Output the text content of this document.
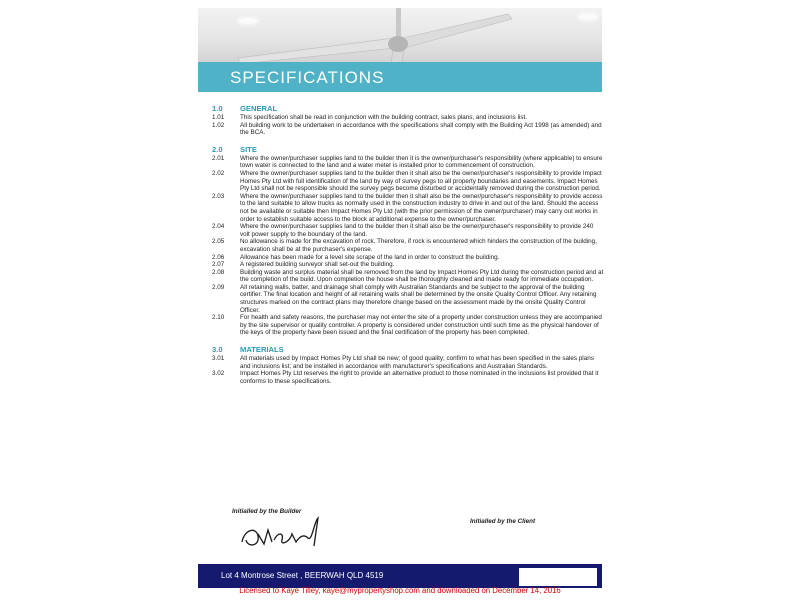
SPECIFICATIONS
1.0	GENERAL
1.01	This specification shall be read in conjunction with the building contract, sales plans, and inclusions list.
1.02	All building work to be undertaken in accordance with the specifications shall comply with the Building Act 1998 (as amended) and the BCA.
2.0	SITE
2.01	Where the owner/purchaser supplies land to the builder then it is the owner/purchaser's responsibility (where applicable) to ensure town water is connected to the land and a water meter is installed prior to commencement of construction.
2.02	Where the owner/purchaser supplies land to the builder then it shall also be the owner/purchaser's responsibility to provide Impact Homes Pty Ltd with full identification of the land by way of survey pegs to all property boundaries and easements. Impact Homes Pty Ltd shall not be responsible should the survey pegs become disturbed or accidentally removed during the construction period.
2.03	Where the owner/purchaser supplies land to the builder then it shall also be the owner/purchaser's responsibility to provide access to the land suitable to allow trucks as normally used in the construction industry to drive in and out of the land. Should the access not be available or suitable then Impact Homes Pty Ltd (with the prior permission of the owner/purchaser) may carry out works in order to establish suitable access to the block at additional expense to the owner/purchaser.
2.04	Where the owner/purchaser supplies land to the builder then it shall also be the owner/purchaser's responsibility to provide 240 volt power supply to the boundary of the land.
2.05	No allowance is made for the excavation of rock. Therefore, if rock is encountered which hinders the construction of the building, excavation shall be at the purchaser's expense.
2.06	Allowance has been made for a level site scrape of the land in order to construct the building.
2.07	A registered building surveyor shall set-out the building.
2.08	Building waste and surplus material shall be removed from the land by Impact Homes Pty Ltd during the construction period and at the completion of the build. Upon completion the house shall be thoroughly cleaned and made ready for immediate occupation.
2.09	All retaining walls, batter, and drainage shall comply with Australian Standards and be subject to the approval of the building certifier. The final location and height of all retaining walls shall be determined by the onsite Quality Control Officer. Any retaining structures marked on the contract plans may therefore change based on the assessment made by the onsite Quality Control Officer.
2.10	For health and safety reasons, the purchaser may not enter the site of a property under construction unless they are accompanied by the site supervisor or quality controller. A property is considered under construction until such time as the physical handover of the keys of the property have been issued and the final certification of the property has been completed.
3.0	MATERIALS
3.01	All materials used by Impact Homes Pty Ltd shall be new; of good quality; confirm to what has been specified in the sales plans and inclusions list; and be installed in accordance with manufacturer's specifications and Australian Standards.
3.02	Impact Homes Pty Ltd reserves the right to provide an alternative product to those nominated in the inclusions list provided that it conforms to these specifications.
Initialled by the Builder
Initialled by the Client
Lot 4 Montrose Street , BEERWAH QLD 4519
Licensed to Kaye Tilley, kaye@mypropertyshop.com and downloaded on December 14, 2016
